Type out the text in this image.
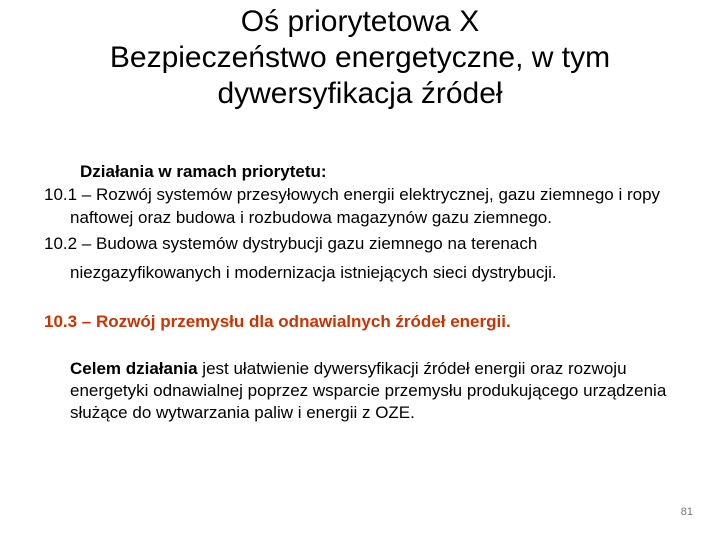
Oś priorytetowa X
Bezpieczeństwo energetyczne, w tym
dywersyfikacja źródeł
Działania w ramach priorytetu:
10.1 – Rozwój systemów przesyłowych energii elektrycznej, gazu ziemnego i ropy naftowej oraz budowa i rozbudowa magazynów gazu ziemnego.
10.2 – Budowa systemów dystrybucji gazu ziemnego na terenach niezgazyfikowanych i modernizacja istniejących sieci dystrybucji.
10.3 – Rozwój przemysłu dla odnawialnych źródeł energii.
Celem działania jest ułatwienie dywersyfikacji źródeł energii oraz rozwoju energetyki odnawialnej poprzez wsparcie przemysłu produkującego urządzenia służące do wytwarzania paliw i energii z OZE.
81
